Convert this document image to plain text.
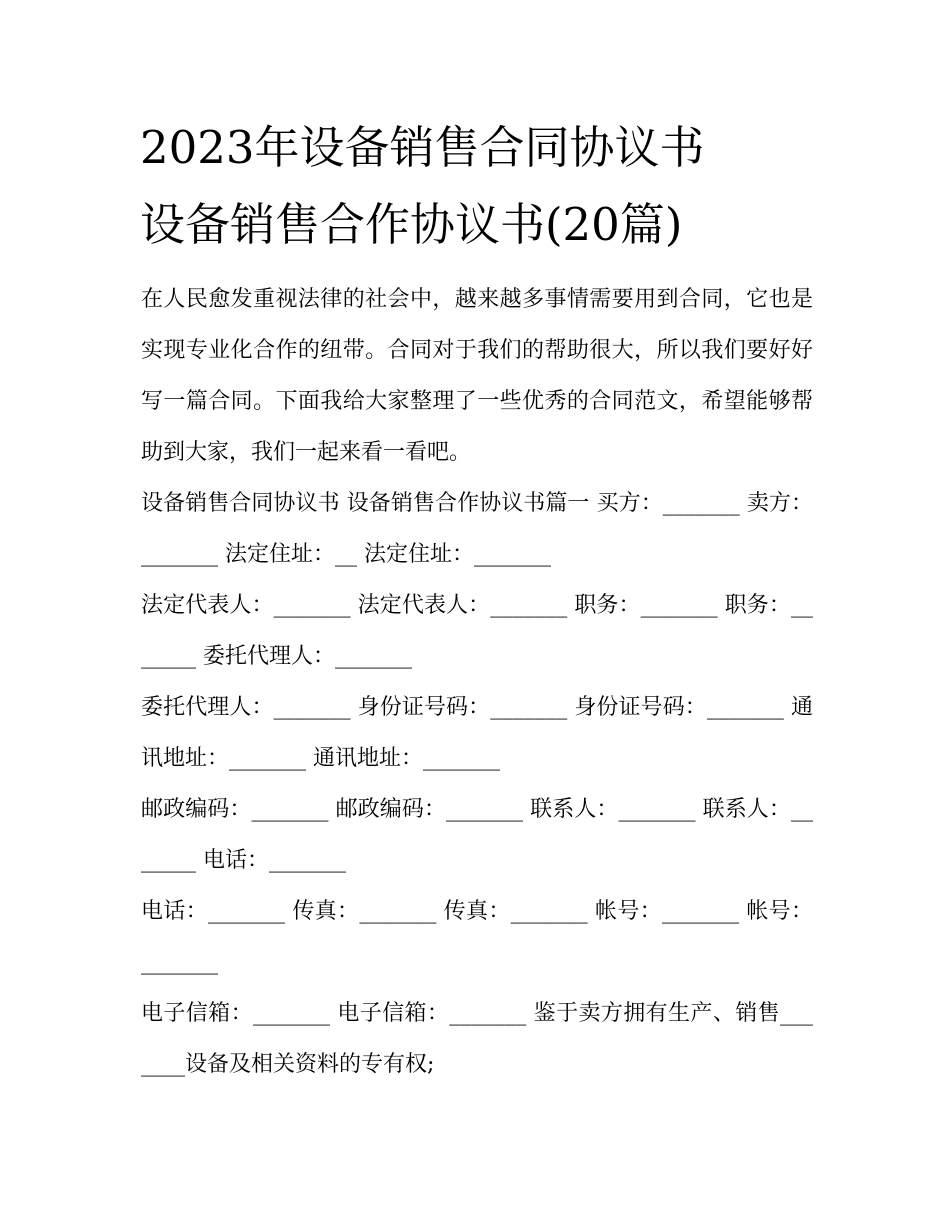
2023年设备销售合同协议书
设备销售合作协议书(20篇)

在人民愈发重视法律的社会中，越来越多事情需要用到合同，它也是实现专业化合作的纽带。合同对于我们的帮助很大，所以我们要好好写一篇合同。下面我给大家整理了一些优秀的合同范文，希望能够帮助到大家，我们一起来看一看吧。

设备销售合同协议书 设备销售合作协议书篇一 买方：_______ 卖方：_______ 法定住址：__ 法定住址：_______

法定代表人：_______ 法定代表人：_______ 职务：_______ 职务：_______ 委托代理人：_______

委托代理人：_______ 身份证号码：_______ 身份证号码：_______ 通讯地址：_______ 通讯地址：_______

邮政编码：_______ 邮政编码：_______ 联系人：_______ 联系人：_______ 电话：_______

电话：_______ 传真：_______ 传真：_______ 帐号：_______ 帐号：_______

电子信箱：_______ 电子信箱：_______ 鉴于卖方拥有生产、销售_______设备及相关资料的专有权;
